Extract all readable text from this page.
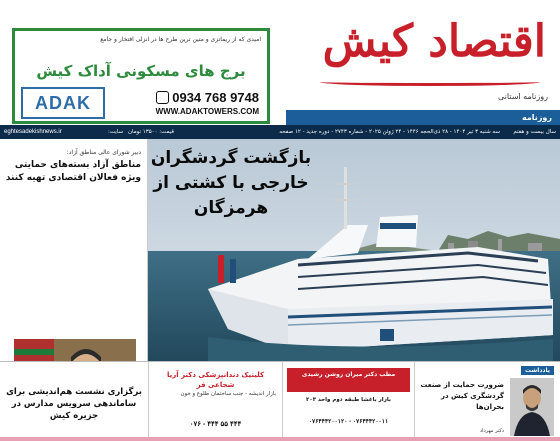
امیدی که از ریماتزی و متین ترین طرح ها در انزلی اقتخار و جامع
برج های مسکونی آداک کیش
0934 768 9748
WWW.ADAKTOWERS.COM
ADAK
اقتصاد کیش
روزنامه استانی
روزنامه
eghtesadekishnews.ir	سایت: قیمت: ۱۳۵۰۰ تومان	سه شنبه ۳ تیر ۱۴۰۴ - ۲۸ ذی‌الحجه ۱۴۴۶ - ۲۴ ژوئن ۲۰۲۵ - شماره ۲۷۴۳ - دوره جدید - ۱۲ صفحه سال بیست و هفتم
دبیر شورای عالی مناطق آزاد:
مناطق آزاد بسته‌های حمایتی ویژه فعالان اقتصادی تهیه کنند
بازگشت گردشگران خارجی با کشتی از هرمزگان
برگزاری نشست هم‌اندیشی برای ساماندهی سرویس مدارس در جزیره کیش
کلینیک دندانپزشکی دکتر آریا شجاعی فر
بازار اندیشه - جنب ساختمان طلوع و خون
۰۷۶ - ۴۴۴ ۵۵ ۴۴۴
مطب دکتر میران روشن رشیدی
بازار باغشا طبقه دوم واحد ۲۰۳
۰۷۶۴۴۴۲۰۰۱۲۰ - ۰۷۶۴۴۴۲۰۰۱۱
یادداشت
ضرورت حمایت از صنعت گردشگری کیش در بحران‌ها
دکتر مهرداد
